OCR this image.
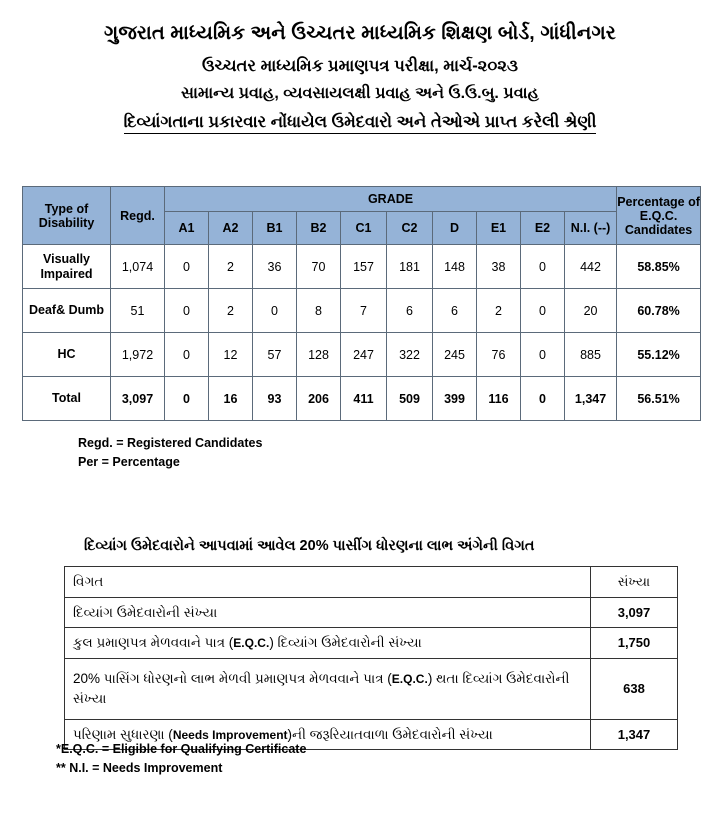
ગુજરાત માધ્યમિક અને ઉચ્ચતર માધ્યમિક શિક્ષણ બોર્ડ, ગાંધીનગર
ઉચ્ચતર માધ્યમિક પ્રમાણપત્ર પરીક્ષા, માર્ચ-૨૦૨૩
સામાન્ય પ્રવાહ, વ્યવસાયલક્ષી પ્રવાહ અને ઉ.ઉ.બુ. પ્રવાહ
દિવ્યાંગતાના પ્રકારવાર નોંધાયેલ ઉમેદવારો અને તેઓએ પ્રાપ્ત કરેલી શ્રેણી
Type of Disability	Regd.	GRADE										Percentage of E.Q.C. Candidates
		A1	A2	B1	B2	C1	C2	D	E1	E2	N.I. (--)	
Visually Impaired	1,074	0	2	36	70	157	181	148	38	0	442	58.85%
Deaf& Dumb	51	0	2	0	8	7	6	6	2	0	20	60.78%
HC	1,972	0	12	57	128	247	322	245	76	0	885	55.12%
Total	3,097	0	16	93	206	411	509	399	116	0	1,347	56.51%
Regd. = Registered Candidates
Per = Percentage
દિવ્યાંગ ઉમેદવારોને આપવામાં આવેલ 20% પાસીંગ ધોરણના લાભ અંગેની વિગત
વિગત	સંખ્યા
દિવ્યાંગ ઉમેદવારોની સંખ્યા	3,097
કુલ પ્રમાણપત્ર મેળવવાને પાત્ર (E.Q.C.) દિવ્યાંગ ઉમેદવારોની સંખ્યા	1,750
20% પાસિંગ ધોરણનો લાભ મેળવી પ્રમાણપત્ર મેળવવાને પાત્ર (E.Q.C.) થતા દિવ્યાંગ ઉમેદવારોની સંખ્યા	638
પરિણામ સુધારણા (Needs Improvement)ની જરૂરિયાતવાળા ઉમેદવારોની સંખ્યા	1,347
*E.Q.C. = Eligible for Qualifying Certificate
** N.I. = Needs Improvement
